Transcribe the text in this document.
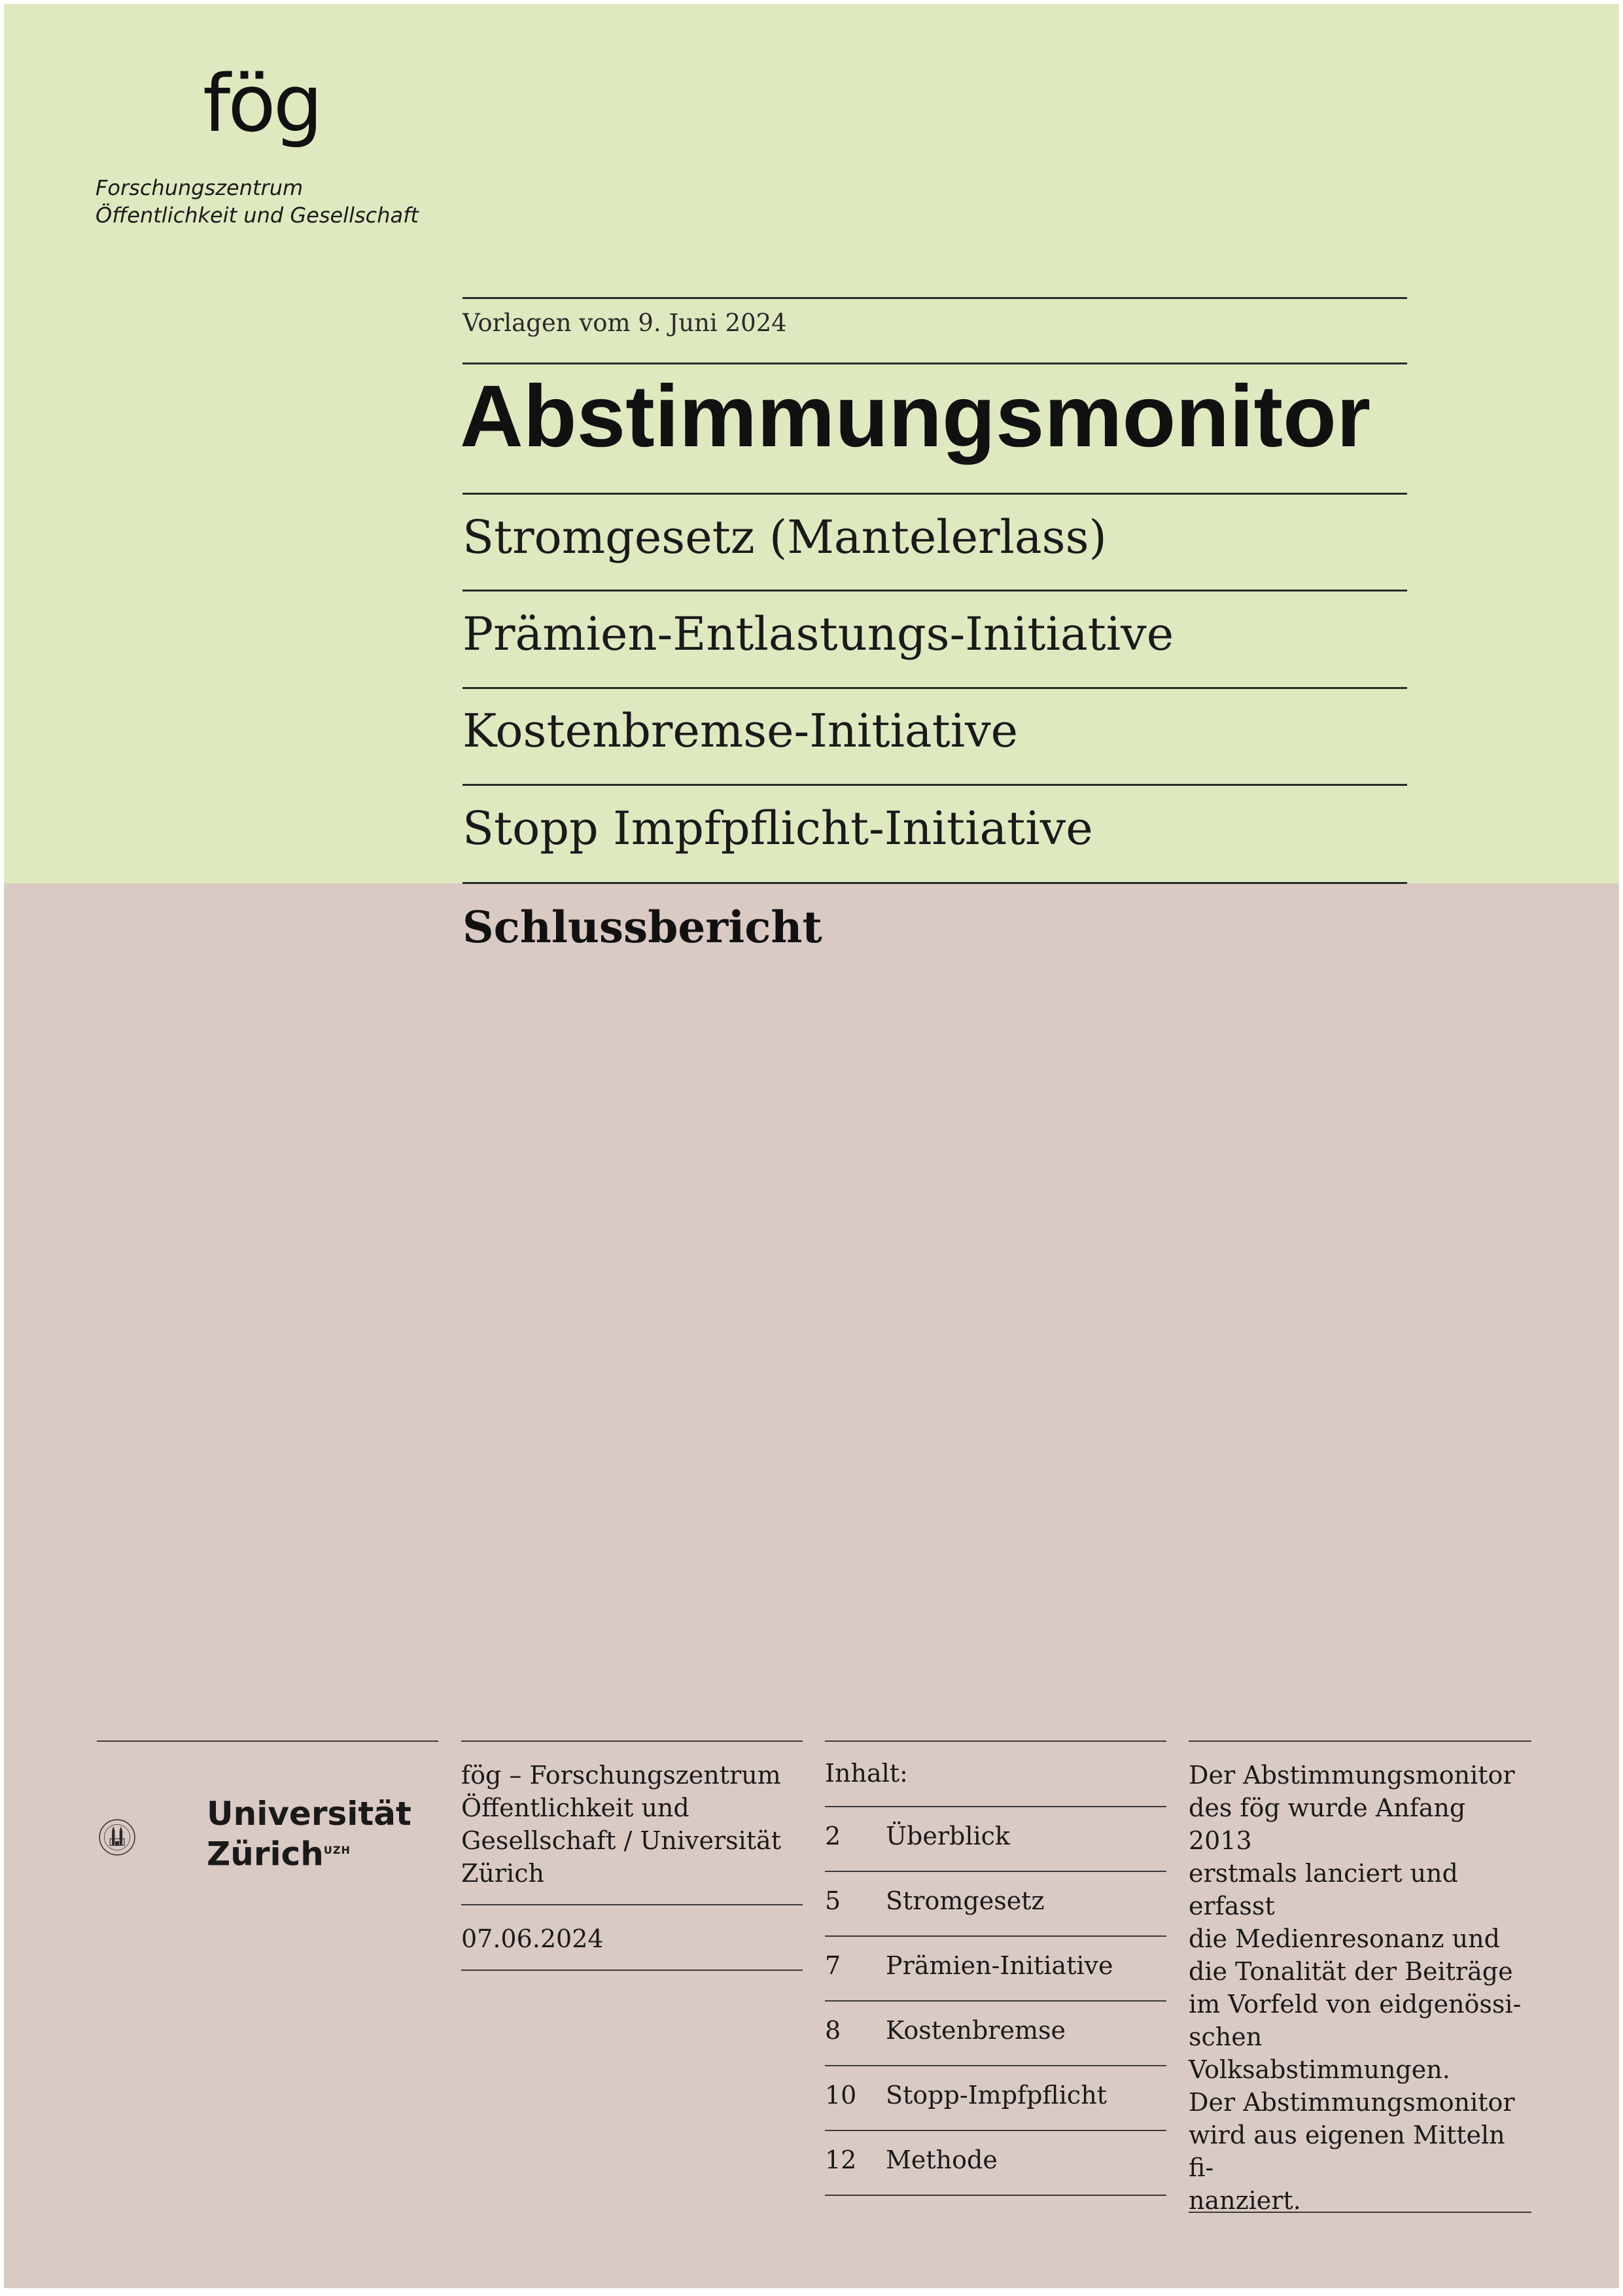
fög
Forschungszentrum
Öffentlichkeit und Gesellschaft
Vorlagen vom 9. Juni 2024
Abstimmungsmonitor
Stromgesetz (Mantelerlass)
Prämien-Entlastungs-Initiative
Kostenbremse-Initiative
Stopp Impfpflicht-Initiative
Schlussbericht
Universität
Zürich$^{UZH}$
fög – Forschungszentrum
Öffentlichkeit und
Gesellschaft / Universität
Zürich
07.06.2024
Inhalt:
2 Überblick
5 Stromgesetz
7 Prämien-Initiative
8 Kostenbremse
10 Stopp-Impfpflicht
12 Methode
Der Abstimmungsmonitor
des fög wurde Anfang 2013
erstmals lanciert und erfasst
die Medienresonanz und
die Tonalität der Beiträge
im Vorfeld von eidgenössi-
schen Volksabstimmungen.
Der Abstimmungsmonitor
wird aus eigenen Mitteln fi-
nanziert.
